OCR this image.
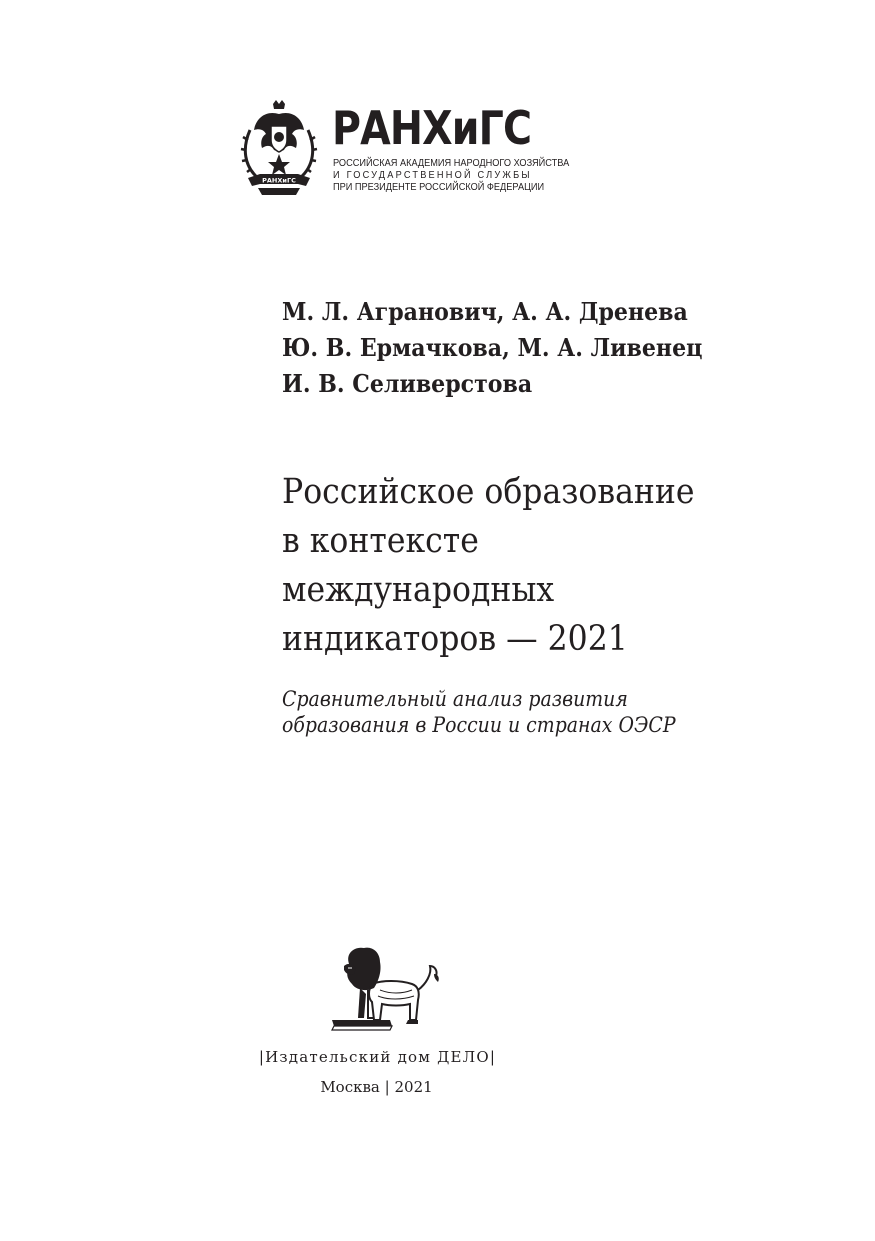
РАНХиГС
РАНХиГС
РОССИЙСКАЯ АКАДЕМИЯ НАРОДНОГО ХОЗЯЙСТВА
И ГОСУДАРСТВЕННОЙ СЛУЖБЫ
ПРИ ПРЕЗИДЕНТЕ РОССИЙСКОЙ ФЕДЕРАЦИИ
М. Л. Агранович, А. А. Дренева
Ю. В. Ермачкова, М. А. Ливенец
И. В. Селиверстова
Российское образование
в контексте
международных
индикаторов — 2021
Сравнительный анализ развития
образования в России и странах ОЭСР
|Издательский дом ДЕЛО|
Москва | 2021
